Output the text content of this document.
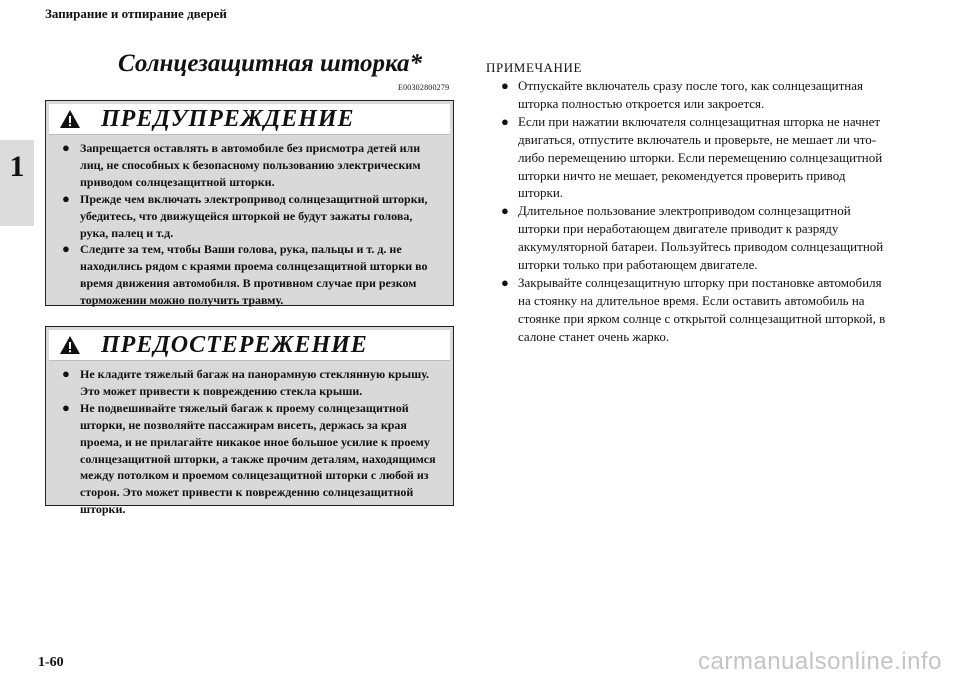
Запирание и отпирание дверей
1
Солнцезащитная шторка*
E00302800279
ПРЕДУПРЕЖДЕНИЕ
● Запрещается оставлять в автомобиле без присмотра детей или лиц, не способных к безопасному пользованию электрическим приводом солнцезащитной шторки.
● Прежде чем включать электропривод солнцезащитной шторки, убедитесь, что движущейся шторкой не будут зажаты голова, рука, палец и т.д.
● Следите за тем, чтобы Ваши голова, рука, пальцы и т. д. не находились рядом с краями проема солнцезащитной шторки во время движения автомобиля. В противном случае при резком торможении можно получить травму.
ПРЕДОСТЕРЕЖЕНИЕ
● Не кладите тяжелый багаж на панорамную стеклянную крышу. Это может привести к повреждению стекла крыши.
● Не подвешивайте тяжелый багаж к проему солнцезащитной шторки, не позволяйте пассажирам висеть, держась за края проема, и не прилагайте никакое иное большое усилие к проему солнцезащитной шторки, а также прочим деталям, находящимся между потолком и проемом солнцезащитной шторки с любой из сторон. Это может привести к повреждению солнцезащитной шторки.
ПРИМЕЧАНИЕ
● Отпускайте включатель сразу после того, как солнцезащитная шторка полностью откроется или закроется.
● Если при нажатии включателя солнцезащитная шторка не начнет двигаться, отпустите включатель и проверьте, не мешает ли что-либо перемещению шторки. Если перемещению солнцезащитной шторки ничто не мешает, рекомендуется проверить привод шторки.
● Длительное пользование электроприводом солнцезащитной шторки при неработающем двигателе приводит к разряду аккумуляторной батареи. Пользуйтесь приводом солнцезащитной шторки только при работающем двигателе.
● Закрывайте солнцезащитную шторку при постановке автомобиля на стоянку на длительное время. Если оставить автомобиль на стоянке при ярком солнце с открытой солнцезащитной шторкой, в салоне станет очень жарко.
1-60	carmanualsonline.info
